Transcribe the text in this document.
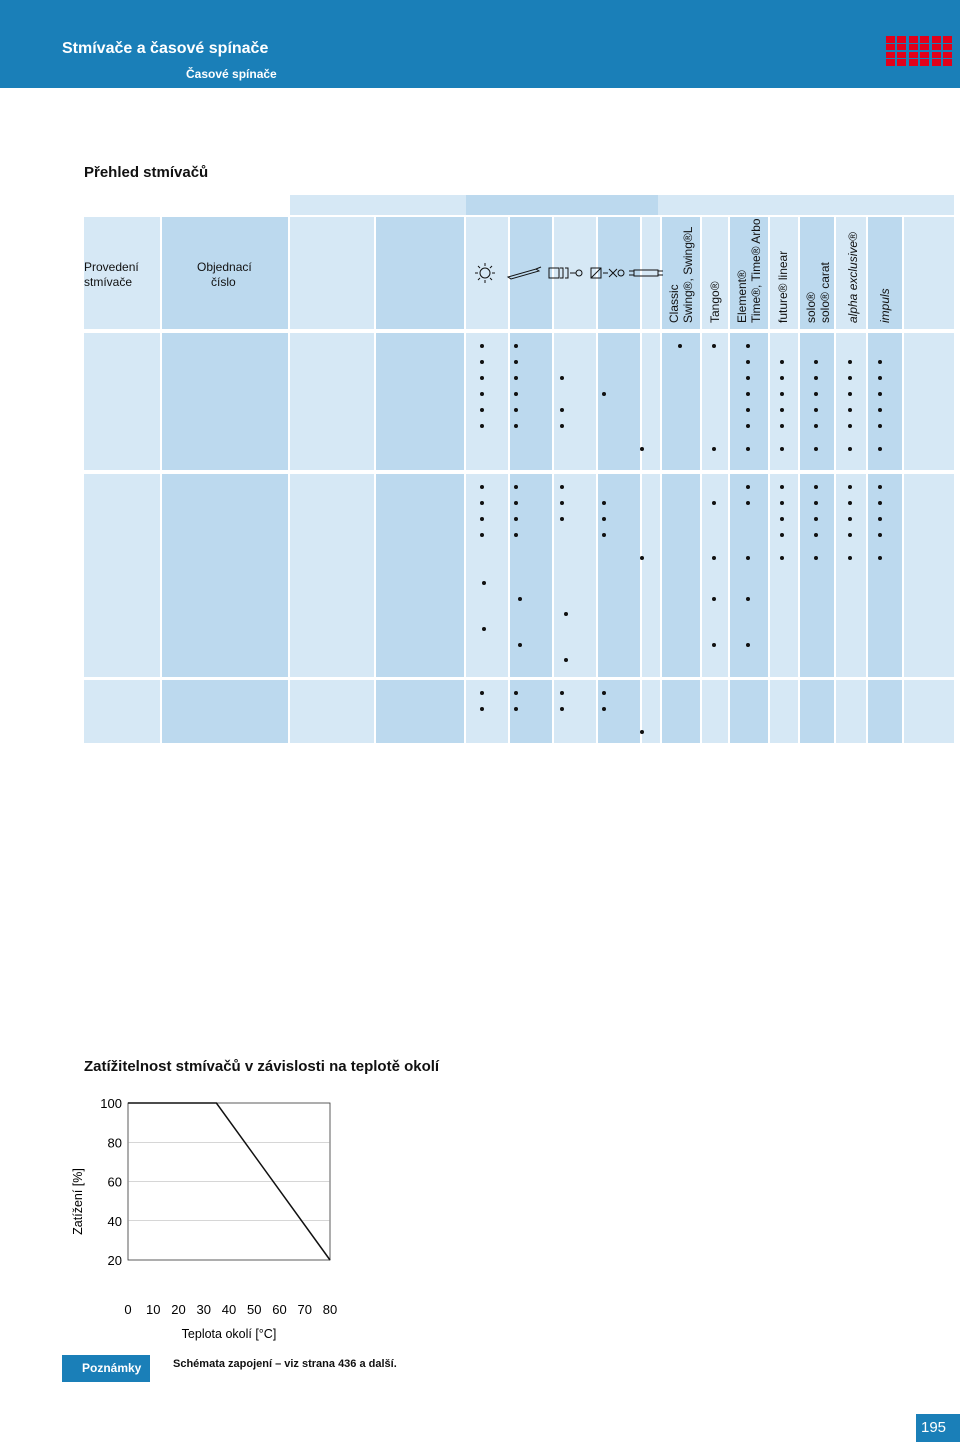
Stmívače a časové spínače
Časové spínače
Přehled stmívačů
Provedení
stmívače
Objednací
číslo
Classic Swing®, Swing®L Tango® Element® Time®, Time® Arbo future® linear solo® solo® carat alpha exclusive® impuls
Zatížitelnost stmívačů v závislosti na teplotě okolí
100
80
60
40
20
0 10 20 30 40 50 60 70 80
Teplota okolí [°C]
Zatížení [%]
Poznámky	Schémata zapojení – viz strana 436 a další.
195
